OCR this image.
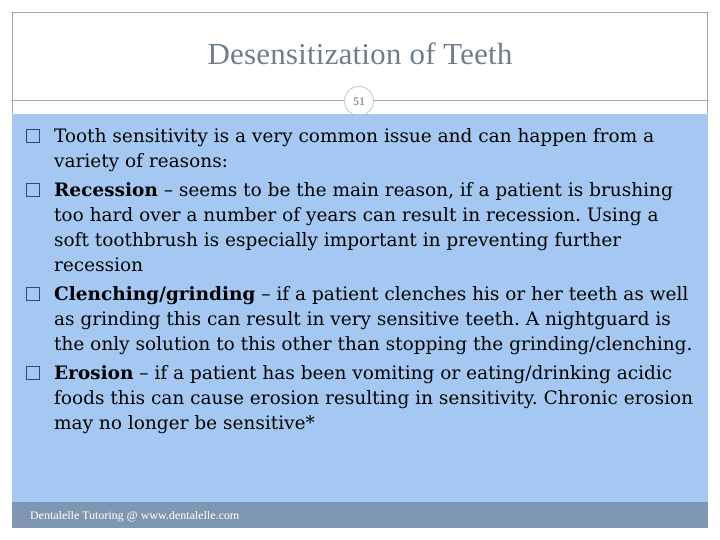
Desensitization of Teeth
51
Tooth sensitivity is a very common issue and can happen from a variety of reasons:
Recession – seems to be the main reason, if a patient is brushing too hard over a number of years can result in recession. Using a soft toothbrush is especially important in preventing further recession
Clenching/grinding – if a patient clenches his or her teeth as well as grinding this can result in very sensitive teeth. A nightguard is the only solution to this other than stopping the grinding/clenching.
Erosion – if a patient has been vomiting or eating/drinking acidic foods this can cause erosion resulting in sensitivity. Chronic erosion may no longer be sensitive*
Dentalelle Tutoring @ www.dentalelle.com
